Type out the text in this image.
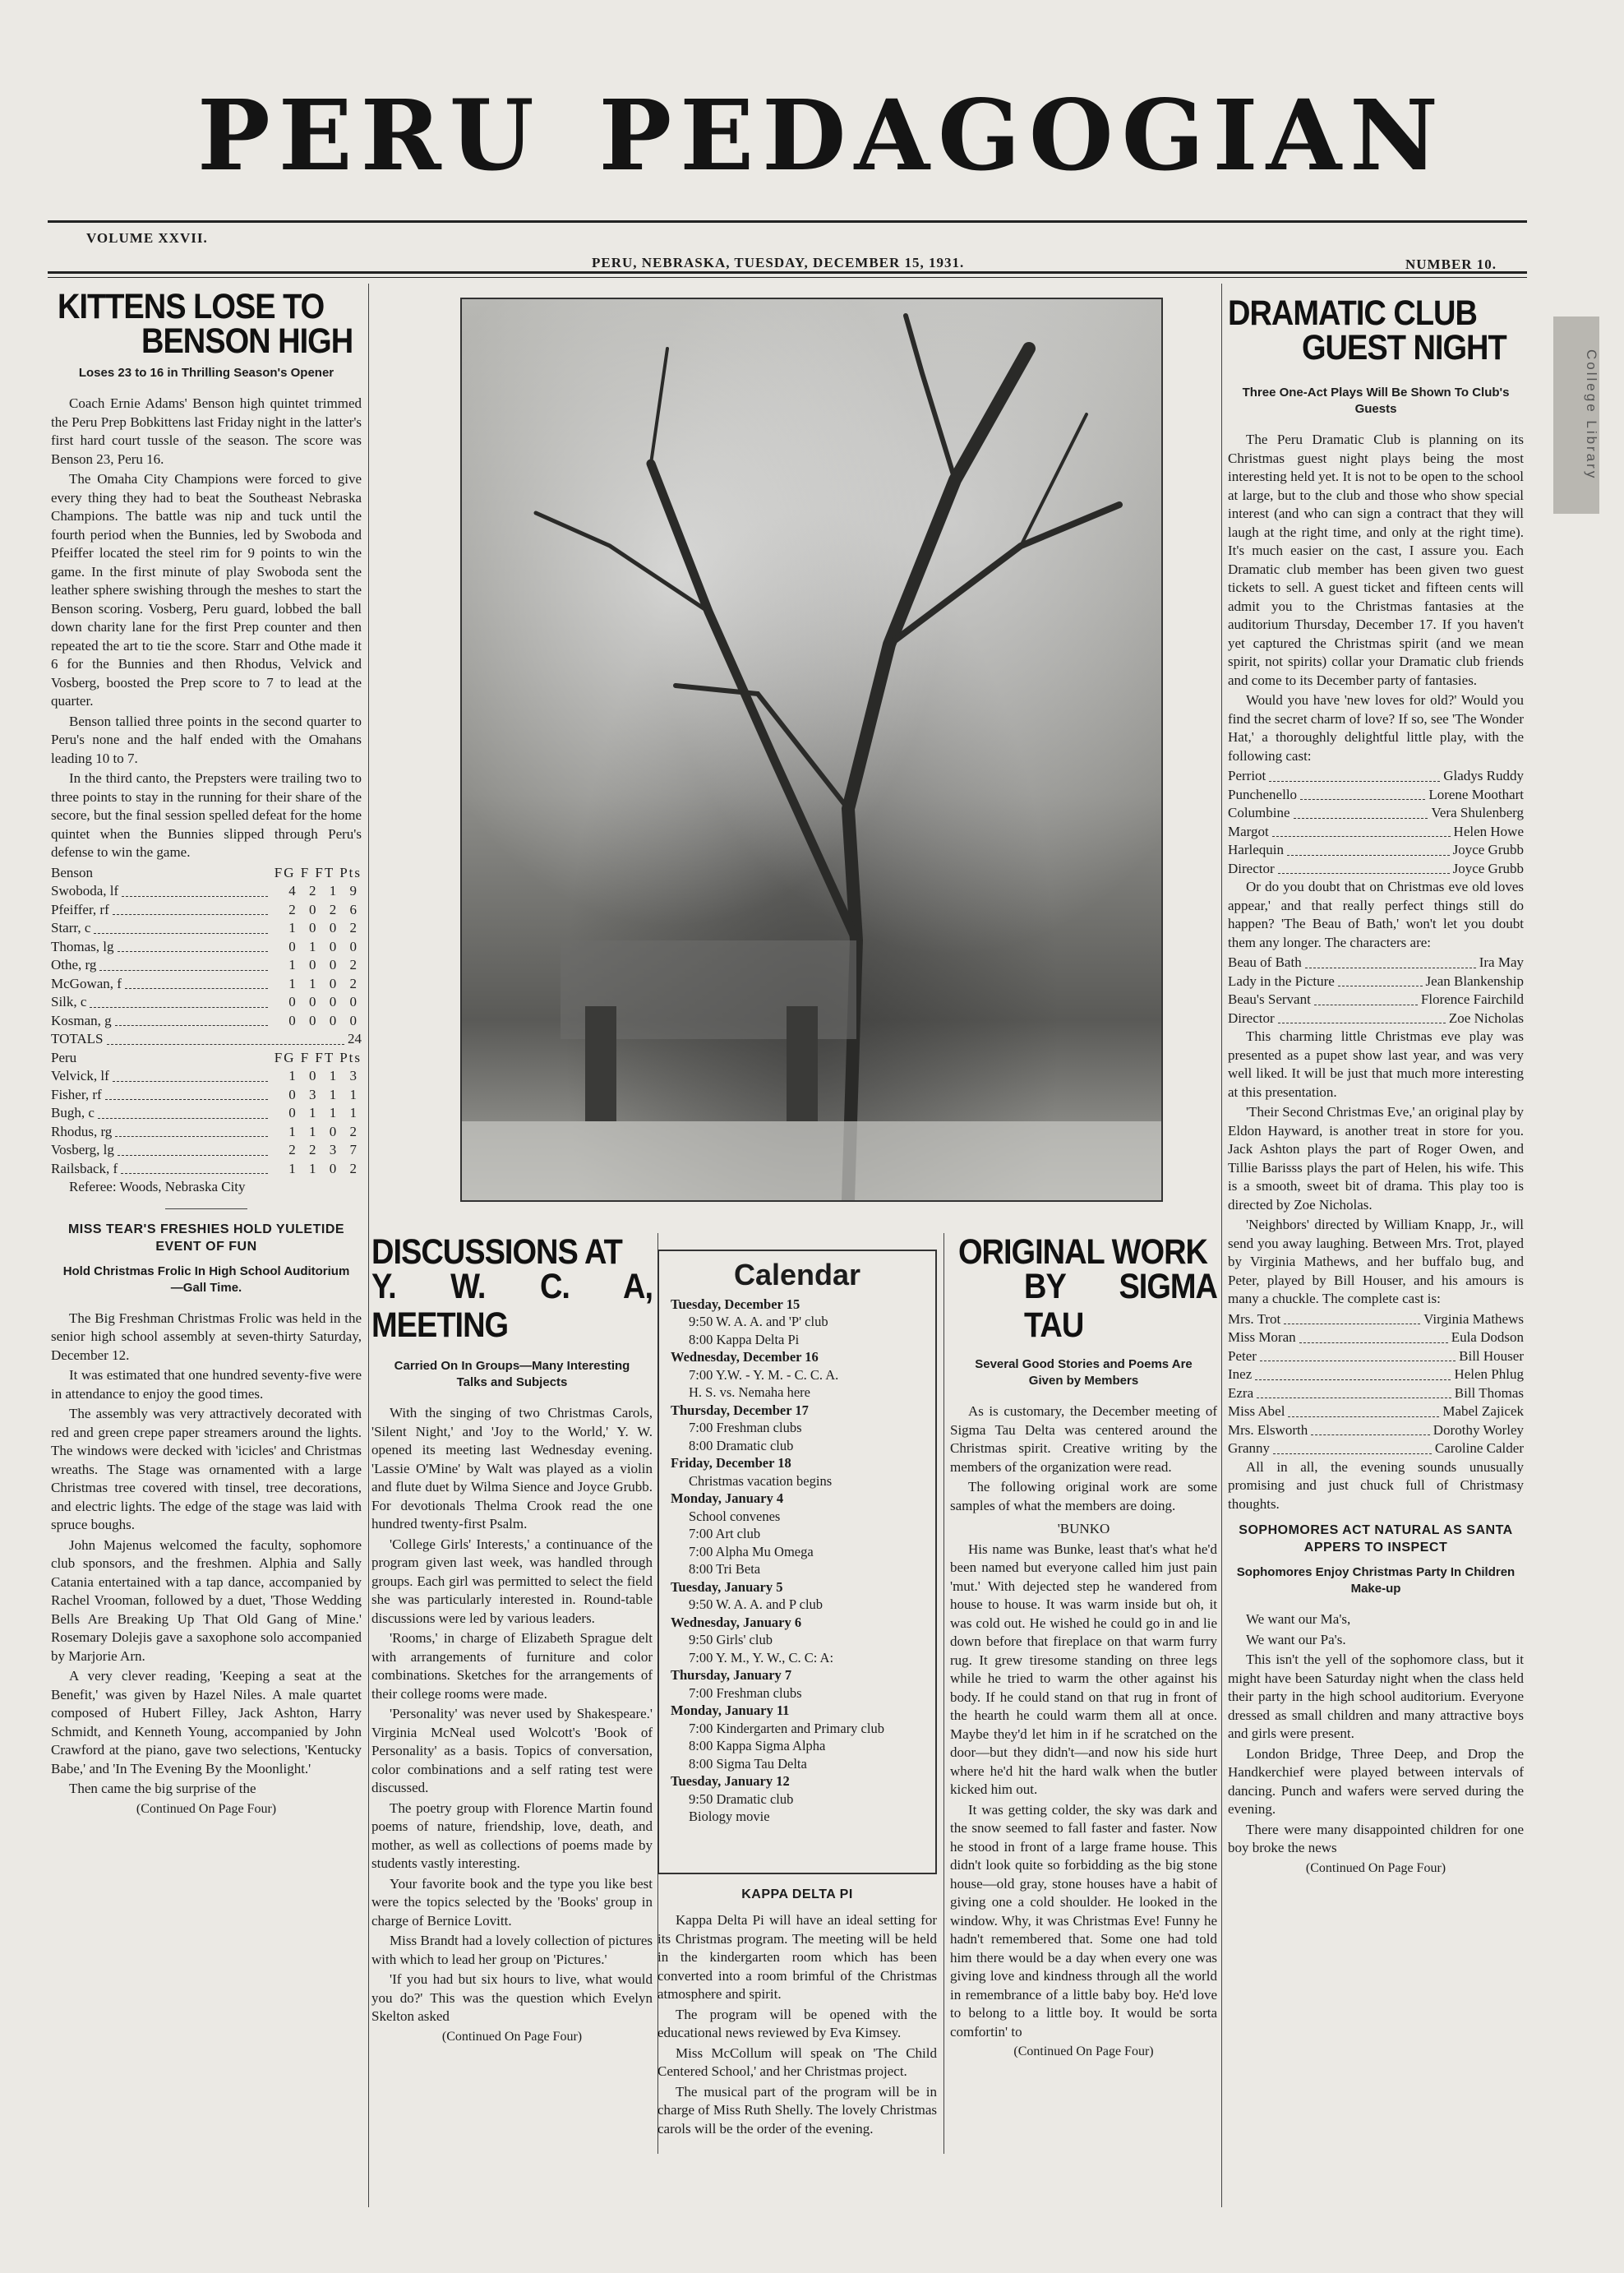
PERU PEDAGOGIAN
College Library
VOLUME XXVII.
PERU, NEBRASKA, TUESDAY, DECEMBER 15, 1931.	NUMBER 10.
KITTENS LOSE TO
BENSON HIGH
Loses 23 to 16 in Thrilling Season's Opener

Coach Ernie Adams' Benson high quintet trimmed the Peru Prep Bobkittens last Friday night in the latter's first hard court tussle of the season. The score was Benson 23, Peru 16.

The Omaha City Champions were forced to give every thing they had to beat the Southeast Nebraska Champions. The battle was nip and tuck until the fourth period when the Bunnies, led by Swoboda and Pfeiffer located the steel rim for 9 points to win the game. In the first minute of play Swoboda sent the leather sphere swishing through the meshes to start the Benson scoring. Vosberg, Peru guard, lobbed the ball down charity lane for the first Prep counter and then repeated the art to tie the score. Starr and Othe made it 6 for the Bunnies and then Rhodus, Velvick and Vosberg, boosted the Prep score to 7 to lead at the quarter.

Benson tallied three points in the second quarter to Peru's none and the half ended with the Omahans leading 10 to 7.

In the third canto, the Prepsters were trailing two to three points to stay in the running for their share of the secore, but the final session spelled defeat for the home quintet when the Bunnies slipped through Peru's defense to win the game.

Benson	FG F FT Pts
Swoboda, lf	4 2 1 9
Pfeiffer, rf	2 0 2 6
Starr, c	1 0 0 2
Thomas, lg	0 1 0 0
Othe, rg	1 0 0 2
McGowan, f	1 1 0 2
Silk, c	0 0 0 0
Kosman, g	0 0 0 0
TOTALS	24
Peru	FG F FT Pts
Velvick, lf	1 0 1 3
Fisher, rf	0 3 1 1
Bugh, c	0 1 1 1
Rhodus, rg	1 1 0 2
Vosberg, lg	2 2 3 7
Railsback, f	1 1 0 2

Referee: Woods, Nebraska City

MISS TEAR'S FRESHIES HOLD YULETIDE EVENT OF FUN
Hold Christmas Frolic In High School Auditorium—Gall Time.

The Big Freshman Christmas Frolic was held in the senior high school assembly at seven-thirty Saturday, December 12.

It was estimated that one hundred seventy-five were in attendance to enjoy the good times.

The assembly was very attractively decorated with red and green crepe paper streamers around the lights. The windows were decked with 'icicles' and Christmas wreaths. The Stage was ornamented with a large Christmas tree covered with tinsel, tree decorations, and electric lights. The edge of the stage was laid with spruce boughs.

John Majenus welcomed the faculty, sophomore club sponsors, and the freshmen. Alphia and Sally Catania entertained with a tap dance, accompanied by Rachel Vrooman, followed by a duet, 'Those Wedding Bells Are Breaking Up That Old Gang of Mine.' Rosemary Dolejis gave a saxophone solo accompanied by Marjorie Arn.

A very clever reading, 'Keeping a seat at the Benefit,' was given by Hazel Niles. A male quartet composed of Hubert Filley, Jack Ashton, Harry Schmidt, and Kenneth Young, accompanied by John Crawford at the piano, gave two selections, 'Kentucky Babe,' and 'In The Evening By the Moonlight.'

Then came the big surprise of the

(Continued On Page Four)
DISCUSSIONS AT
Y. W. C. A, MEETING
Carried On In Groups—Many Interesting Talks and Subjects

With the singing of two Christmas Carols, 'Silent Night,' and 'Joy to the World,' Y. W. opened its meeting last Wednesday evening. 'Lassie O'Mine' by Walt was played as a violin and flute duet by Wilma Sience and Joyce Grubb. For devotionals Thelma Crook read the one hundred twenty-first Psalm.

'College Girls' Interests,' a continuance of the program given last week, was handled through groups. Each girl was permitted to select the field she was particularly interested in. Round-table discussions were led by various leaders.

'Rooms,' in charge of Elizabeth Sprague delt with arrangements of furniture and color combinations. Sketches for the arrangements of their college rooms were made.

'Personality' was never used by Shakespeare.' Virginia McNeal used Wolcott's 'Book of Personality' as a basis. Topics of conversation, color combinations and a self rating test were discussed.

The poetry group with Florence Martin found poems of nature, friendship, love, death, and mother, as well as collections of poems made by students vastly interesting.

Your favorite book and the type you like best were the topics selected by the 'Books' group in charge of Bernice Lovitt.

Miss Brandt had a lovely collection of pictures with which to lead her group on 'Pictures.'

'If you had but six hours to live, what would you do?' This was the question which Evelyn Skelton asked

(Continued On Page Four)
Calendar
Tuesday, December 15
9:50 W. A. A. and 'P' club
8:00 Kappa Delta Pi
Wednesday, December 16
7:00 Y.W. - Y. M. - C. C. A.
H. S. vs. Nemaha here
Thursday, December 17
7:00 Freshman clubs
8:00 Dramatic club
Friday, December 18
Christmas vacation begins
Monday, January 4
School convenes
7:00 Art club
7:00 Alpha Mu Omega
8:00 Tri Beta
Tuesday, January 5
9:50 W. A. A. and P club
Wednesday, January 6
9:50 Girls' club
7:00 Y. M., Y. W., C. C: A:
Thursday, January 7
7:00 Freshman clubs
Monday, January 11
7:00 Kindergarten and Primary club
8:00 Kappa Sigma Alpha
8:00 Sigma Tau Delta
Tuesday, January 12
9:50 Dramatic club
Biology movie
KAPPA DELTA PI

Kappa Delta Pi will have an ideal setting for its Christmas program. The meeting will be held in the kindergarten room which has been converted into a room brimful of the Christmas atmosphere and spirit.

The program will be opened with the educational news reviewed by Eva Kimsey.

Miss McCollum will speak on 'The Child Centered School,' and her Christmas project.

The musical part of the program will be in charge of Miss Ruth Shelly. The lovely Christmas carols will be the order of the evening.

ORIGINAL WORK
BY SIGMA TAU
Several Good Stories and Poems Are Given by Members

As is customary, the December meeting of Sigma Tau Delta was centered around the Christmas spirit. Creative writing by the members of the organization were read.

The following original work are some samples of what the members are doing.

'BUNKO

His name was Bunke, least that's what he'd been named but everyone called him just pain 'mut.' With dejected step he wandered from house to house. It was warm inside but oh, it was cold out. He wished he could go in and lie down before that fireplace on that warm furry rug. It grew tiresome standing on three legs while he tried to warm the other against his body. If he could stand on that rug in front of the hearth he could warm them all at once. Maybe they'd let him in if he scratched on the door—but they didn't—and now his side hurt where he'd hit the hard walk when the butler kicked him out.

It was getting colder, the sky was dark and the snow seemed to fall faster and faster. Now he stood in front of a large frame house. This didn't look quite so forbidding as the big stone house—old gray, stone houses have a habit of giving one a cold shoulder. He looked in the window. Why, it was Christmas Eve! Funny he hadn't remembered that. Some one had told him there would be a day when every one was giving love and kindness through all the world in remembrance of a little baby boy. He'd love to belong to a little boy. It would be sorta comfortin' to

(Continued On Page Four)
DRAMATIC CLUB
GUEST NIGHT
Three One-Act Plays Will Be Shown To Club's Guests

The Peru Dramatic Club is planning on its Christmas guest night plays being the most interesting held yet. It is not to be open to the school at large, but to the club and those who show special interest (and who can sign a contract that they will laugh at the right time, and only at the right time). It's much easier on the cast, I assure you. Each Dramatic club member has been given two guest tickets to sell. A guest ticket and fifteen cents will admit you to the Christmas fantasies at the auditorium Thursday, December 17. If you haven't yet captured the Christmas spirit (and we mean spirit, not spirits) collar your Dramatic club friends and come to its December party of fantasies.

Would you have 'new loves for old?' Would you find the secret charm of love? If so, see 'The Wonder Hat,' a thoroughly delightful little play, with the following cast:

Perriot	Gladys Ruddy
Punchenello	Lorene Moothart
Columbine	Vera Shulenberg
Margot	Helen Howe
Harlequin	Joyce Grubb
Director	Joyce Grubb

Or do you doubt that on Christmas eve old loves appear,' and that really perfect things still do happen? 'The Beau of Bath,' won't let you doubt them any longer. The characters are:

Beau of Bath	Ira May
Lady in the Picture	Jean Blankenship
Beau's Servant	Florence Fairchild
Director	Zoe Nicholas

This charming little Christmas eve play was presented as a pupet show last year, and was very well liked. It will be just that much more interesting at this presentation.

'Their Second Christmas Eve,' an original play by Eldon Hayward, is another treat in store for you. Jack Ashton plays the part of Roger Owen, and Tillie Barisss plays the part of Helen, his wife. This is a smooth, sweet bit of drama. This play too is directed by Zoe Nicholas.

'Neighbors' directed by William Knapp, Jr., will send you away laughing. Between Mrs. Trot, played by Virginia Mathews, and her buffalo bug, and Peter, played by Bill Houser, and his amours is many a chuckle. The complete cast is:

Mrs. Trot	Virginia Mathews
Miss Moran	Eula Dodson
Peter	Bill Houser
Inez	Helen Phlug
Ezra	Bill Thomas
Miss Abel	Mabel Zajicek
Mrs. Elsworth	Dorothy Worley
Granny	Caroline Calder

All in all, the evening sounds unusually promising and just chuck full of Christmasy thoughts.

SOPHOMORES ACT NATURAL AS SANTA APPERS TO INSPECT
Sophomores Enjoy Christmas Party In Children Make-up

We want our Ma's,

We want our Pa's.

This isn't the yell of the sophomore class, but it might have been Saturday night when the class held their party in the high school auditorium. Everyone dressed as small children and many attractive boys and girls were present.

London Bridge, Three Deep, and Drop the Handkerchief were played between intervals of dancing. Punch and wafers were served during the evening.

There were many disappointed children for one boy broke the news

(Continued On Page Four)
